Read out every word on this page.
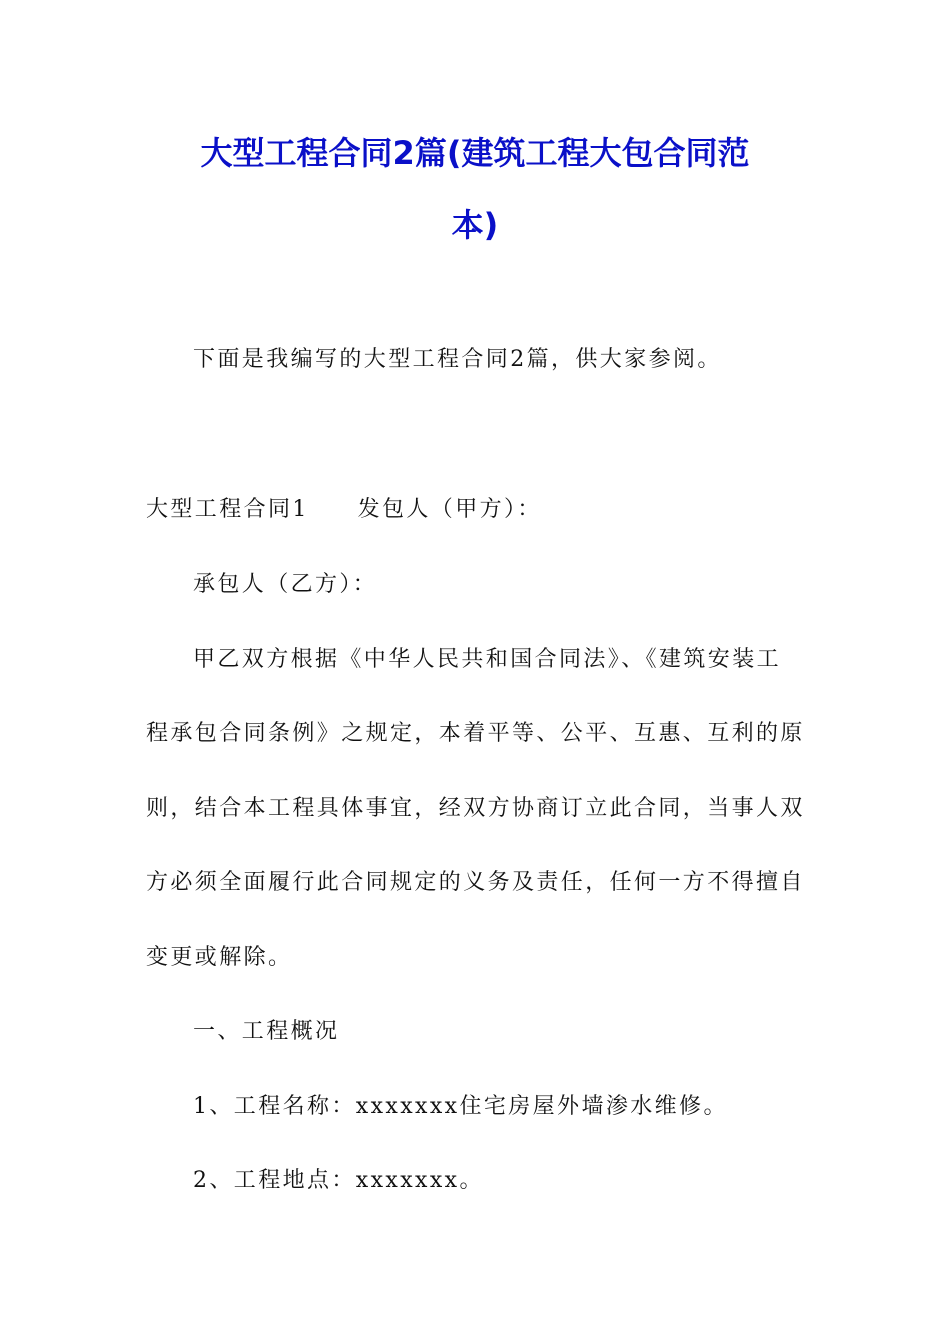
大型工程合同2篇(建筑工程大包合同范
本)
下面是我编写的大型工程合同2篇，供大家参阅。
大型工程合同1　　发包人（甲方）：
承包人（乙方）：
甲乙双方根据《中华人民共和国合同法》、《建筑安装工
程承包合同条例》之规定，本着平等、公平、互惠、互利的原
则，结合本工程具体事宜，经双方协商订立此合同，当事人双
方必须全面履行此合同规定的义务及责任，任何一方不得擅自
变更或解除。
一、工程概况
1、工程名称：xxxxxxx住宅房屋外墙渗水维修。
2、工程地点：xxxxxxx。
